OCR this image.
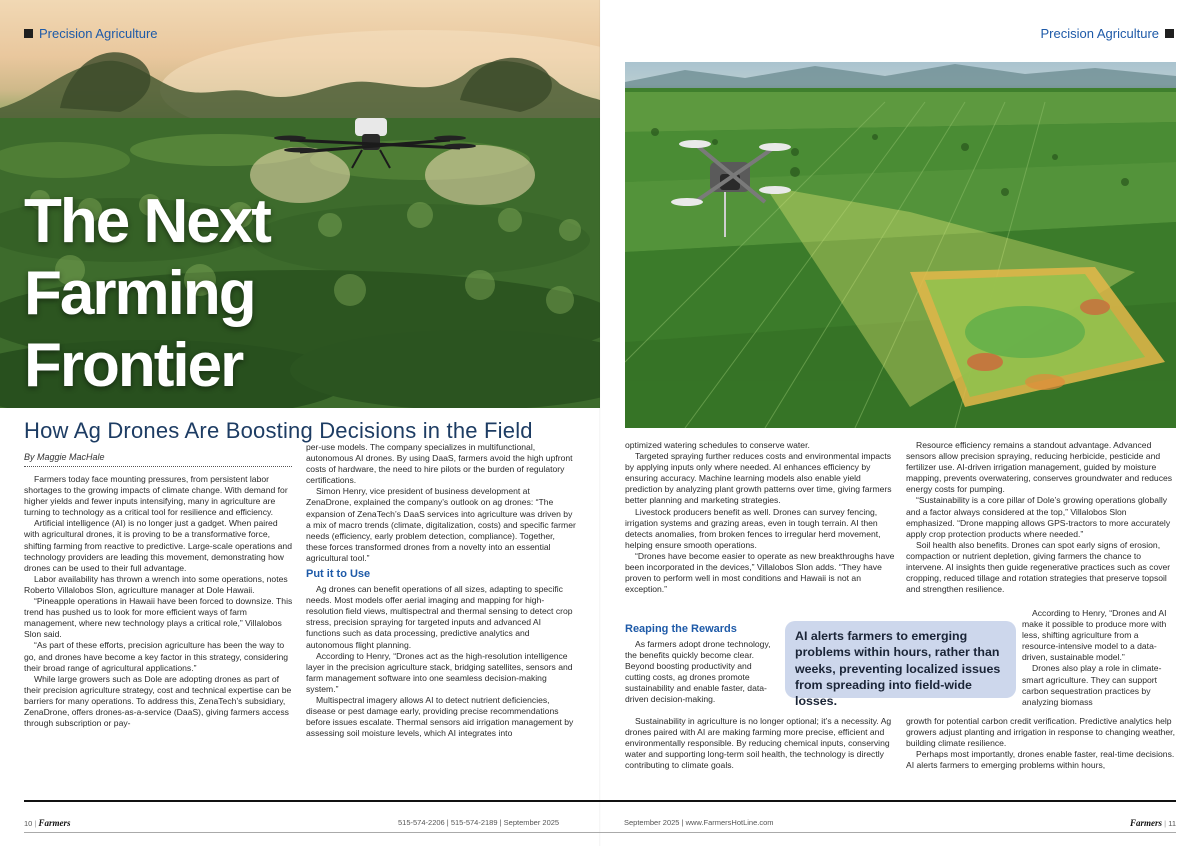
Precision Agriculture
The Next
Farming
Frontier
How Ag Drones Are Boosting Decisions in the Field
By Maggie MacHale

Farmers today face mounting pressures, from persistent labor shortages to the growing impacts of climate change. With demand for higher yields and fewer inputs intensifying, many in agriculture are turning to technology as a critical tool for resilience and efficiency.

Artificial intelligence (AI) is no longer just a gadget. When paired with agricultural drones, it is proving to be a transformative force, shifting farming from reactive to predictive. Large-scale operations and technology providers are leading this movement, demonstrating how drones can be used to their full advantage.

Labor availability has thrown a wrench into some operations, notes Roberto Villalobos Slon, agriculture manager at Dole Hawaii.

“Pineapple operations in Hawaii have been forced to downsize. This trend has pushed us to look for more efficient ways of farm management, where new technology plays a critical role,” Villalobos Slon said.

“As part of these efforts, precision agriculture has been the way to go, and drones have become a key factor in this strategy, considering their broad range of agricultural applications.”

While large growers such as Dole are adopting drones as part of their precision agriculture strategy, cost and technical expertise can be barriers for many operations. To address this, ZenaTech’s subsidiary, ZenaDrone, offers drones-as-a-service (DaaS), giving farmers access through subscription or pay-

per-use models. The company specializes in multifunctional, autonomous AI drones. By using DaaS, farmers avoid the high upfront costs of hardware, the need to hire pilots or the burden of regulatory certifications.

Simon Henry, vice president of business development at ZenaDrone, explained the company’s outlook on ag drones: “The expansion of ZenaTech’s DaaS services into agriculture was driven by a mix of macro trends (climate, digitalization, costs) and specific farmer needs (efficiency, early problem detection, compliance). Together, these forces transformed drones from a novelty into an essential agricultural tool.”

Put it to Use

Ag drones can benefit operations of all sizes, adapting to specific needs. Most models offer aerial imaging and mapping for high-resolution field views, multispectral and thermal sensing to detect crop stress, precision spraying for targeted inputs and advanced AI functions such as data processing, predictive analytics and autonomous flight planning.

According to Henry, “Drones act as the high-resolution intelligence layer in the precision agriculture stack, bridging satellites, sensors and farm management software into one seamless decision-making system.”

Multispectral imagery allows AI to detect nutrient deficiencies, disease or pest damage early, providing precise recommendations before issues escalate. Thermal sensors aid irrigation management by assessing soil moisture levels, which AI integrates into

Precision Agriculture

optimized watering schedules to conserve water.

Targeted spraying further reduces costs and environmental impacts by applying inputs only where needed. AI enhances efficiency by ensuring accuracy. Machine learning models also enable yield prediction by analyzing plant growth patterns over time, giving farmers better planning and marketing strategies.

Livestock producers benefit as well. Drones can survey fencing, irrigation systems and grazing areas, even in tough terrain. AI then detects anomalies, from broken fences to irregular herd movement, helping ensure smooth operations.

“Drones have become easier to operate as new breakthroughs have been incorporated in the devices,” Villalobos Slon adds. “They have proven to perform well in most conditions and Hawaii is not an exception.”

Reaping the Rewards

As farmers adopt drone technology, the benefits quickly become clear. Beyond boosting productivity and cutting costs, ag drones promote sustainability and enable faster, data-driven decision-making.

Sustainability in agriculture is no longer optional; it’s a necessity. Ag drones paired with AI are making farming more precise, efficient and environmentally responsible. By reducing chemical inputs, conserving water and supporting long-term soil health, the technology is directly contributing to climate goals.

Resource efficiency remains a standout advantage. Advanced sensors allow precision spraying, reducing herbicide, pesticide and fertilizer use. AI-driven irrigation management, guided by moisture mapping, prevents overwatering, conserves groundwater and reduces energy costs for pumping.

“Sustainability is a core pillar of Dole’s growing operations globally and a factor always considered at the top,” Villalobos Slon emphasized. “Drone mapping allows GPS-tractors to more accurately apply crop protection products where needed.”

Soil health also benefits. Drones can spot early signs of erosion, compaction or nutrient depletion, giving farmers the chance to intervene. AI insights then guide regenerative practices such as cover cropping, reduced tillage and rotation strategies that preserve topsoil and strengthen resilience.

According to Henry, “Drones and AI make it possible to produce more with less, shifting agriculture from a resource-intensive model to a data-driven, sustainable model.”

Drones also play a role in climate-smart agriculture. They can support carbon sequestration practices by analyzing biomass

growth for potential carbon credit verification. Predictive analytics help growers adjust planting and irrigation in response to changing weather, building climate resilience.

Perhaps most importantly, drones enable faster, real-time decisions. AI alerts farmers to emerging problems within hours,

AI alerts farmers to emerging problems within hours, rather than weeks, preventing localized issues from spreading into field-wide losses.
10 | Farmers	515-574-2206 | 515-574-2189 | September 2025	September 2025 | www.FarmersHotLine.com	Farmers | 11
